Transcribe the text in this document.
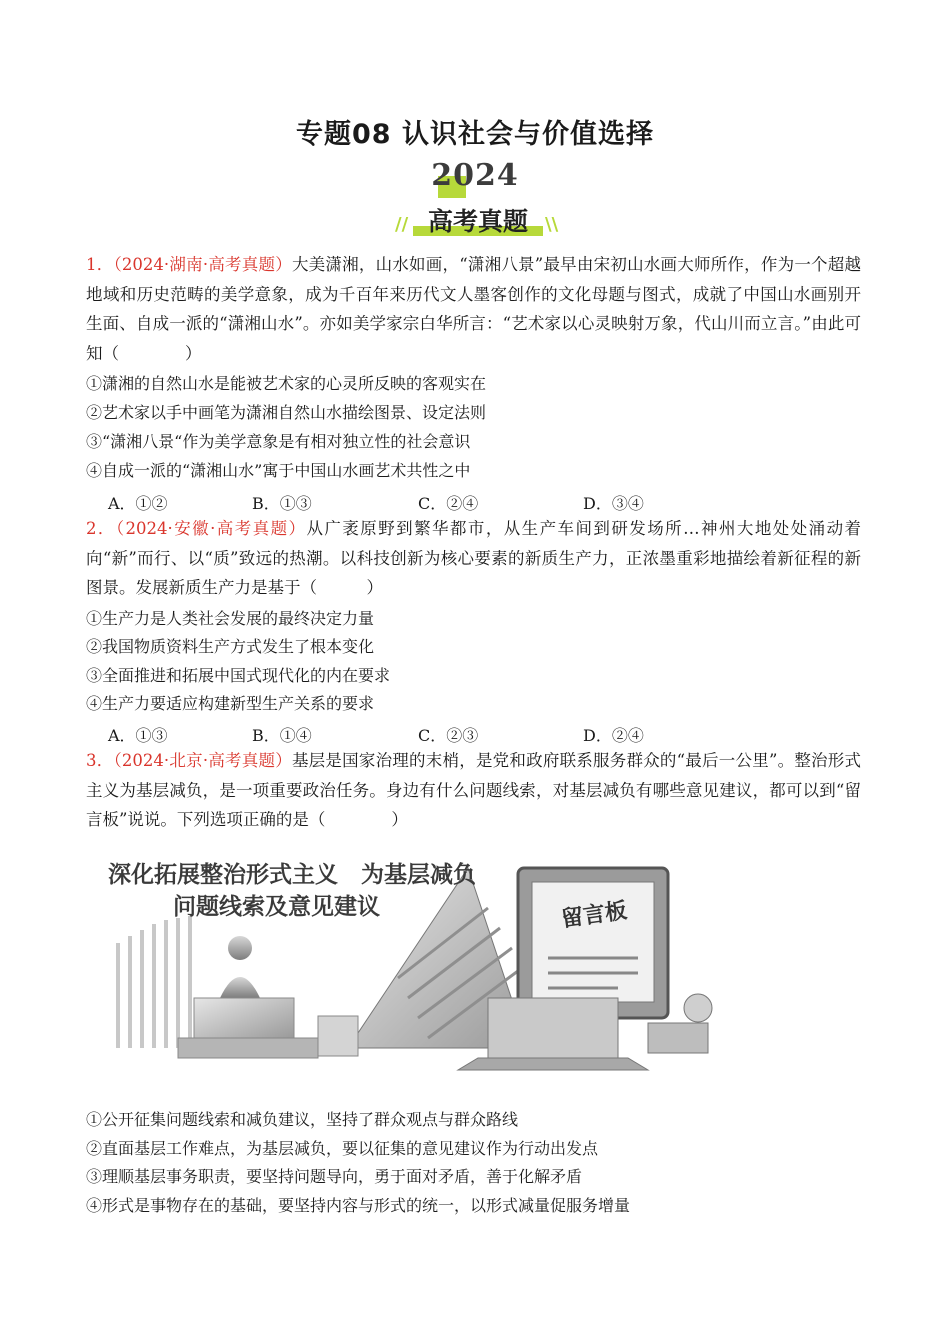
专题08 认识社会与价值选择
2024
// 高考真题 \\
1．（2024·湖南·高考真题）大美潇湘，山水如画，“潇湘八景”最早由宋初山水画大师所作，作为一个超越地域和历史范畴的美学意象，成为千百年来历代文人墨客创作的文化母题与图式，成就了中国山水画别开生面、自成一派的“潇湘山水”。亦如美学家宗白华所言：“艺术家以心灵映射万象，代山川而立言。”由此可知（　　　　）
①潇湘的自然山水是能被艺术家的心灵所反映的客观实在
②艺术家以手中画笔为潇湘自然山水描绘图景、设定法则
③“潇湘八景“作为美学意象是有相对独立性的社会意识
④自成一派的“潇湘山水”寓于中国山水画艺术共性之中
A．①②	B．①③	C．②④	D．③④
2．（2024·安徽·高考真题）从广袤原野到繁华都市，从生产车间到研发场所…神州大地处处涌动着向“新”而行、以“质”致远的热潮。以科技创新为核心要素的新质生产力，正浓墨重彩地描绘着新征程的新图景。发展新质生产力是基于（　　　）
①生产力是人类社会发展的最终决定力量
②我国物质资料生产方式发生了根本变化
③全面推进和拓展中国式现代化的内在要求
④生产力要适应构建新型生产关系的要求
A．①③	B．①④	C．②③	D．②④
3．（2024·北京·高考真题）基层是国家治理的末梢，是党和政府联系服务群众的“最后一公里”。整治形式主义为基层减负，是一项重要政治任务。身边有什么问题线索，对基层减负有哪些意见建议，都可以到“留言板”说说。下列选项正确的是（　　　　）
深化拓展整治形式主义　为基层减负
问题线索及意见建议	留言板
①公开征集问题线索和减负建议，坚持了群众观点与群众路线
②直面基层工作难点，为基层减负，要以征集的意见建议作为行动出发点
③理顺基层事务职责，要坚持问题导向，勇于面对矛盾，善于化解矛盾
④形式是事物存在的基础，要坚持内容与形式的统一，以形式减量促服务增量
